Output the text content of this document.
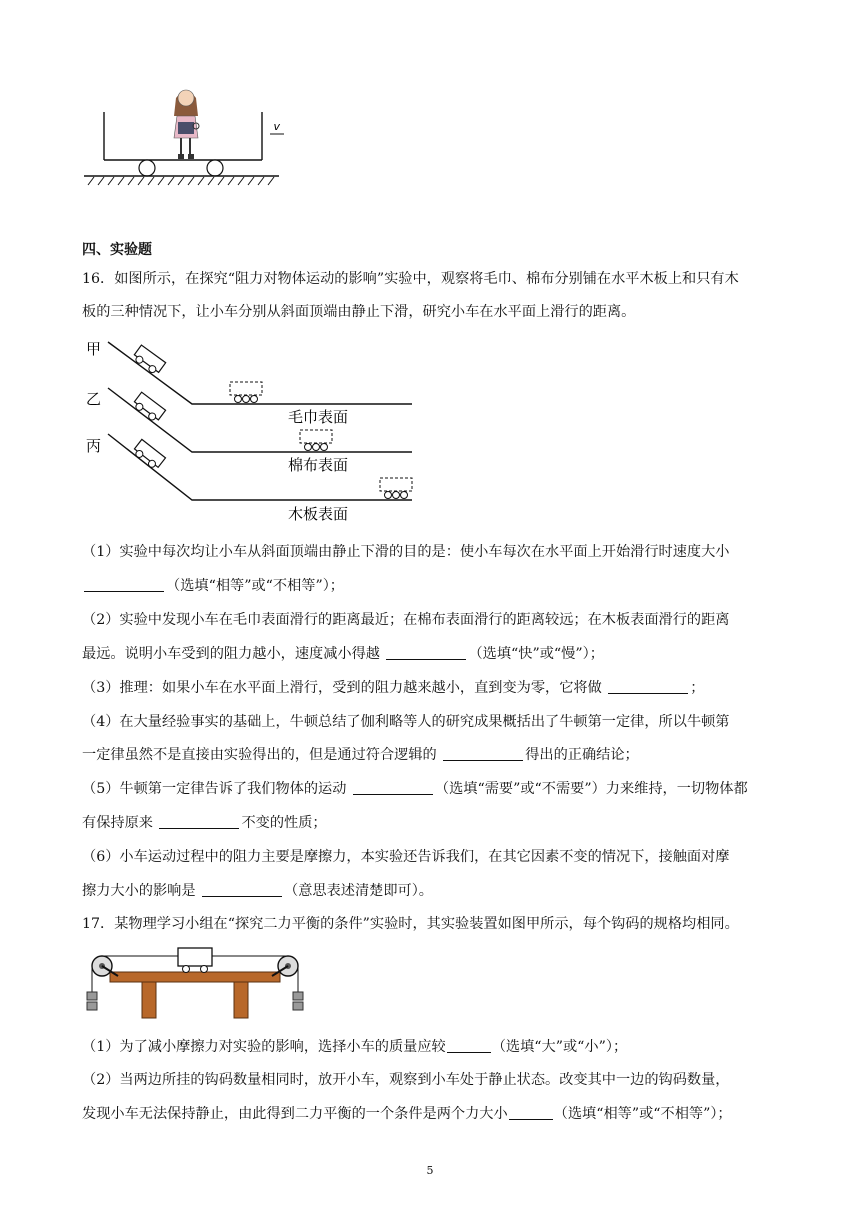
v
四、实验题
16．如图所示，在探究“阻力对物体运动的影响”实验中，观察将毛巾、棉布分别铺在水平木板上和只有木
板的三种情况下，让小车分别从斜面顶端由静止下滑，研究小车在水平面上滑行的距离。
甲
乙
丙
毛巾表面
棉布表面
木板表面
（1）实验中每次均让小车从斜面顶端由静止下滑的目的是：使小车每次在水平面上开始滑行时速度大小
（选填“相等”或“不相等”）；
（2）实验中发现小车在毛巾表面滑行的距离最近；在棉布表面滑行的距离较远；在木板表面滑行的距离
最远。说明小车受到的阻力越小，速度减小得越	（选填“快”或“慢”）；
（3）推理：如果小车在水平面上滑行，受到的阻力越来越小，直到变为零，它将做	；
（4）在大量经验事实的基础上，牛顿总结了伽利略等人的研究成果概括出了牛顿第一定律，所以牛顿第
一定律虽然不是直接由实验得出的，但是通过符合逻辑的	得出的正确结论；
（5）牛顿第一定律告诉了我们物体的运动	（选填“需要”或“不需要”）力来维持，一切物体都
有保持原来	不变的性质；
（6）小车运动过程中的阻力主要是摩擦力，本实验还告诉我们，在其它因素不变的情况下，接触面对摩
擦力大小的影响是	（意思表述清楚即可）。
17．某物理学习小组在“探究二力平衡的条件”实验时，其实验装置如图甲所示，每个钩码的规格均相同。
（1）为了减小摩擦力对实验的影响，选择小车的质量应较	（选填“大”或“小”）；
（2）当两边所挂的钩码数量相同时，放开小车，观察到小车处于静止状态。改变其中一边的钩码数量，
发现小车无法保持静止，由此得到二力平衡的一个条件是两个力大小	（选填“相等”或“不相等”）；
5
